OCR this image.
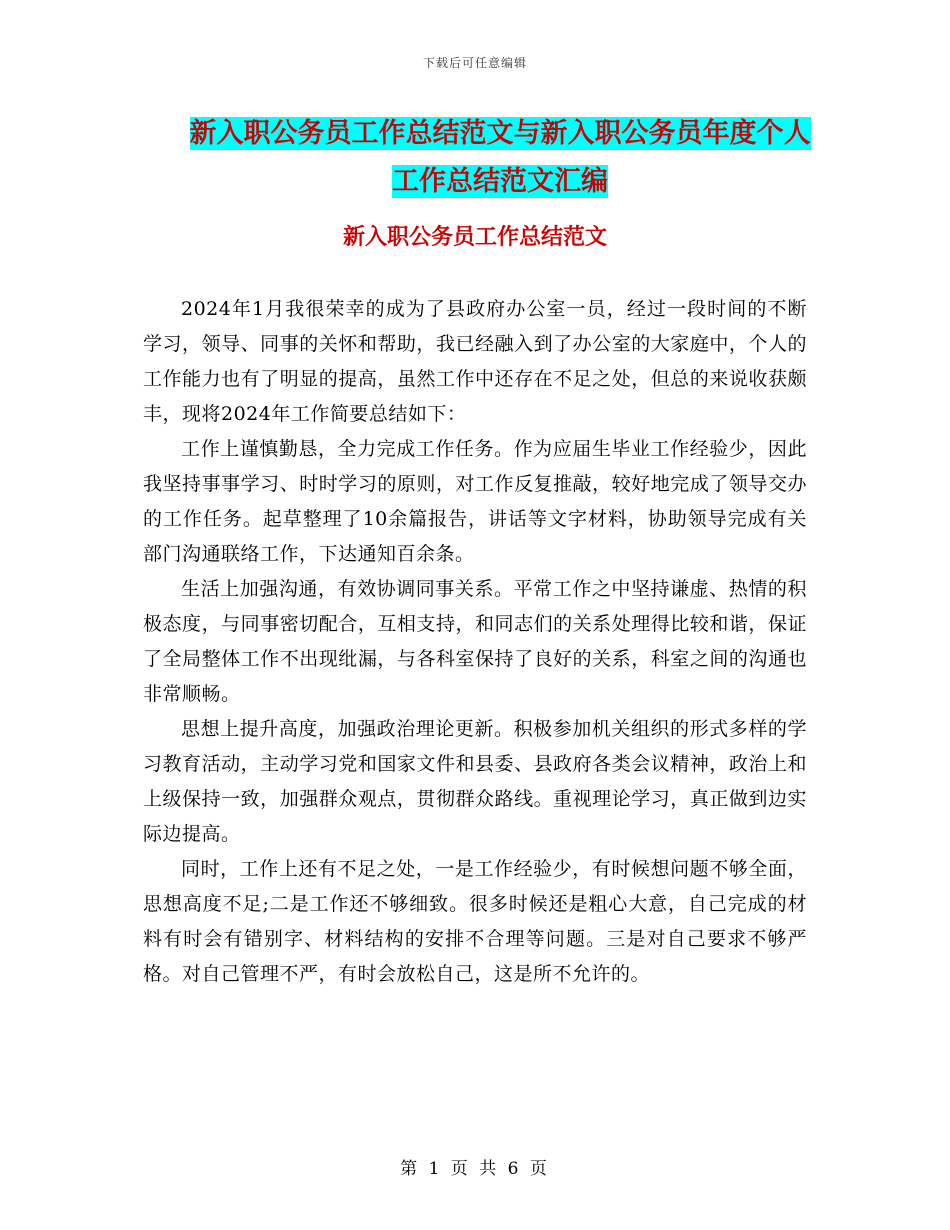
下载后可任意编辑
新入职公务员工作总结范文与新入职公务员年度个人
工作总结范文汇编
新入职公务员工作总结范文

2024年1月我很荣幸的成为了县政府办公室一员，经过一段时间的不断学习，领导、同事的关怀和帮助，我已经融入到了办公室的大家庭中，个人的工作能力也有了明显的提高，虽然工作中还存在不足之处，但总的来说收获颇丰，现将2024年工作简要总结如下：

工作上谨慎勤恳，全力完成工作任务。作为应届生毕业工作经验少，因此我坚持事事学习、时时学习的原则，对工作反复推敲，较好地完成了领导交办的工作任务。起草整理了10余篇报告，讲话等文字材料，协助领导完成有关部门沟通联络工作，下达通知百余条。

生活上加强沟通，有效协调同事关系。平常工作之中坚持谦虚、热情的积极态度，与同事密切配合，互相支持，和同志们的关系处理得比较和谐，保证了全局整体工作不出现纰漏，与各科室保持了良好的关系，科室之间的沟通也非常顺畅。

思想上提升高度，加强政治理论更新。积极参加机关组织的形式多样的学习教育活动，主动学习党和国家文件和县委、县政府各类会议精神，政治上和上级保持一致，加强群众观点，贯彻群众路线。重视理论学习，真正做到边实际边提高。

同时，工作上还有不足之处，一是工作经验少，有时候想问题不够全面，思想高度不足;二是工作还不够细致。很多时候还是粗心大意，自己完成的材料有时会有错别字、材料结构的安排不合理等问题。三是对自己要求不够严格。对自己管理不严，有时会放松自己，这是所不允许的。

第 1 页 共 6 页
